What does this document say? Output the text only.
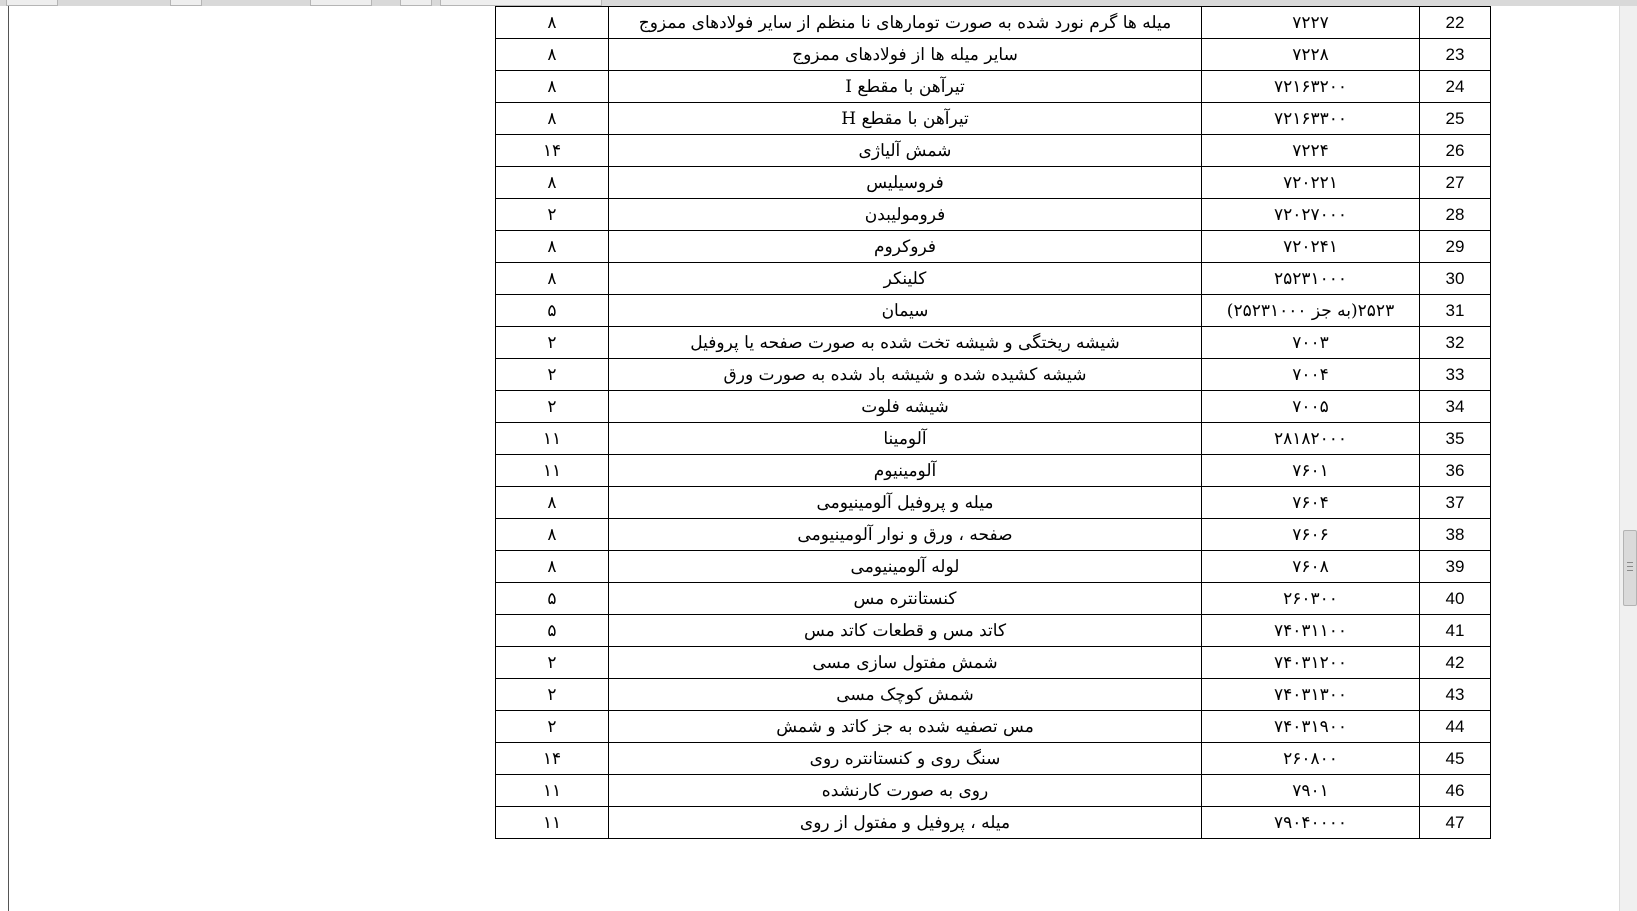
۸	میله ها گرم نورد شده به صورت تومارهای نا منظم از سایر فولادهای ممزوج	۷۲۲۷	22
۸	سایر میله ها از فولادهای ممزوج	۷۲۲۸	23
۸	تیرآهن با مقطع I	۷۲۱۶۳۲۰۰	24
۸	تیرآهن با مقطع H	۷۲۱۶۳۳۰۰	25
۱۴	شمش آلیاژی	۷۲۲۴	26
۸	فروسیلیس	۷۲۰۲۲۱	27
۲	فرومولیبدن	۷۲۰۲۷۰۰۰	28
۸	فروکروم	۷۲۰۲۴۱	29
۸	کلینکر	۲۵۲۳۱۰۰۰	30
۵	سیمان	۲۵۲۳(به جز ۲۵۲۳۱۰۰۰)	31
۲	شیشه ریختگی و شیشه تخت شده به صورت صفحه یا پروفیل	۷۰۰۳	32
۲	شیشه کشیده شده و شیشه باد شده به صورت ورق	۷۰۰۴	33
۲	شیشه فلوت	۷۰۰۵	34
۱۱	آلومینا	۲۸۱۸۲۰۰۰	35
۱۱	آلومینیوم	۷۶۰۱	36
۸	میله و پروفیل آلومینیومی	۷۶۰۴	37
۸	صفحه ، ورق و نوار آلومینیومی	۷۶۰۶	38
۸	لوله آلومینیومی	۷۶۰۸	39
۵	کنستانتره مس	۲۶۰۳۰۰	40
۵	کاتد مس و قطعات کاتد مس	۷۴۰۳۱۱۰۰	41
۲	شمش مفتول سازی مسی	۷۴۰۳۱۲۰۰	42
۲	شمش کوچک مسی	۷۴۰۳۱۳۰۰	43
۲	مس تصفیه شده به جز کاتد و شمش	۷۴۰۳۱۹۰۰	44
۱۴	سنگ روی و کنستانتره روی	۲۶۰۸۰۰	45
۱۱	روی به صورت کارنشده	۷۹۰۱	46
۱۱	میله ، پروفیل و مفتول از روی	۷۹۰۴۰۰۰۰	47
